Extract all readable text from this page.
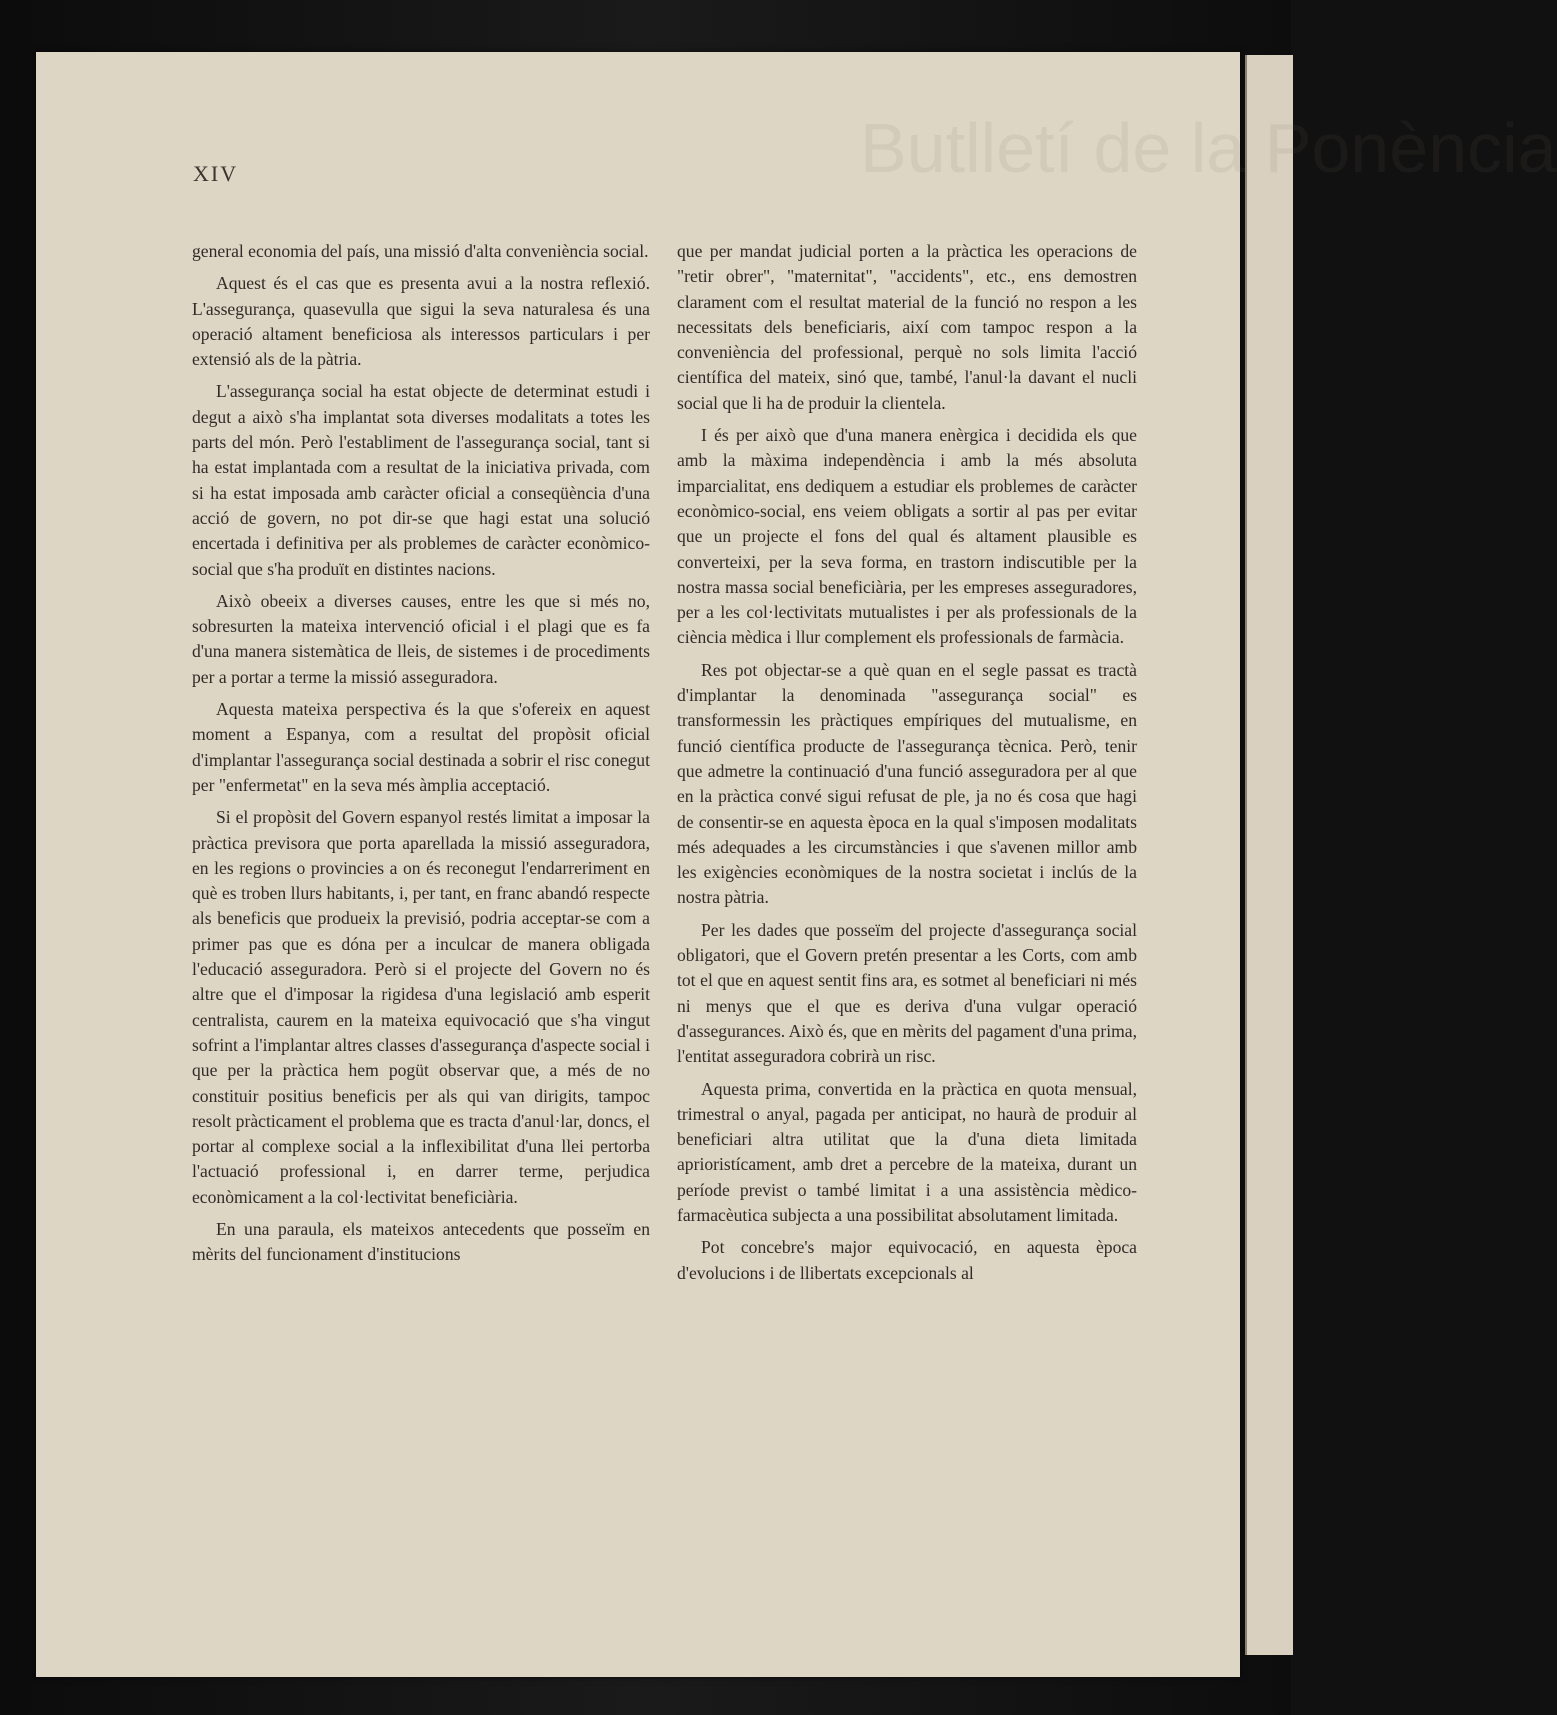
Butlletí de la Ponència
XIV

general economia del país, una missió d'alta conveniència social.

Aquest és el cas que es presenta avui a la nostra reflexió. L'assegurança, quasevulla que sigui la seva naturalesa és una operació altament beneficiosa als interessos particulars i per extensió als de la pàtria.

L'assegurança social ha estat objecte de determinat estudi i degut a això s'ha implantat sota diverses modalitats a totes les parts del món. Però l'establiment de l'assegurança social, tant si ha estat implantada com a resultat de la iniciativa privada, com si ha estat imposada amb caràcter oficial a conseqüència d'una acció de govern, no pot dir-se que hagi estat una solució encertada i definitiva per als problemes de caràcter econòmico-social que s'ha produït en distintes nacions.

Això obeeix a diverses causes, entre les que si més no, sobresurten la mateixa intervenció oficial i el plagi que es fa d'una manera sistemàtica de lleis, de sistemes i de procediments per a portar a terme la missió asseguradora.

Aquesta mateixa perspectiva és la que s'ofereix en aquest moment a Espanya, com a resultat del propòsit oficial d'implantar l'assegurança social destinada a sobrir el risc conegut per "enfermetat" en la seva més àmplia acceptació.

Si el propòsit del Govern espanyol restés limitat a imposar la pràctica previsora que porta aparellada la missió asseguradora, en les regions o provincies a on és reconegut l'endarreriment en què es troben llurs habitants, i, per tant, en franc abandó respecte als beneficis que produeix la previsió, podria acceptar-se com a primer pas que es dóna per a inculcar de manera obligada l'educació asseguradora. Però si el projecte del Govern no és altre que el d'imposar la rigidesa d'una legislació amb esperit centralista, caurem en la mateixa equivocació que s'ha vingut sofrint a l'implantar altres classes d'assegurança d'aspecte social i que per la pràctica hem pogüt observar que, a més de no constituir positius beneficis per als qui van dirigits, tampoc resolt pràcticament el problema que es tracta d'anul·lar, doncs, el portar al complexe social a la inflexibilitat d'una llei pertorba l'actuació professional i, en darrer terme, perjudica econòmicament a la col·lectivitat beneficiària.

En una paraula, els mateixos antecedents que posseïm en mèrits del funcionament d'institucions

que per mandat judicial porten a la pràctica les operacions de "retir obrer", "maternitat", "accidents", etc., ens demostren clarament com el resultat material de la funció no respon a les necessitats dels beneficiaris, així com tampoc respon a la conveniència del professional, perquè no sols limita l'acció científica del mateix, sinó que, també, l'anul·la davant el nucli social que li ha de produir la clientela.

I és per això que d'una manera enèrgica i decidida els que amb la màxima independència i amb la més absoluta imparcialitat, ens dediquem a estudiar els problemes de caràcter econòmico-social, ens veiem obligats a sortir al pas per evitar que un projecte el fons del qual és altament plausible es converteixi, per la seva forma, en trastorn indiscutible per la nostra massa social beneficiària, per les empreses asseguradores, per a les col·lectivitats mutualistes i per als professionals de la ciència mèdica i llur complement els professionals de farmàcia.

Res pot objectar-se a què quan en el segle passat es tractà d'implantar la denominada "assegurança social" es transformessin les pràctiques empíriques del mutualisme, en funció científica producte de l'assegurança tècnica. Però, tenir que admetre la continuació d'una funció asseguradora per al que en la pràctica convé sigui refusat de ple, ja no és cosa que hagi de consentir-se en aquesta època en la qual s'imposen modalitats més adequades a les circumstàncies i que s'avenen millor amb les exigències econòmiques de la nostra societat i inclús de la nostra pàtria.

Per les dades que posseïm del projecte d'assegurança social obligatori, que el Govern pretén presentar a les Corts, com amb tot el que en aquest sentit fins ara, es sotmet al beneficiari ni més ni menys que el que es deriva d'una vulgar operació d'assegurances. Això és, que en mèrits del pagament d'una prima, l'entitat asseguradora cobrirà un risc.

Aquesta prima, convertida en la pràctica en quota mensual, trimestral o anyal, pagada per anticipat, no haurà de produir al beneficiari altra utilitat que la d'una dieta limitada aprioristícament, amb dret a percebre de la mateixa, durant un període previst o també limitat i a una assistència mèdico-farmacèutica subjecta a una possibilitat absolutament limitada.

Pot concebre's major equivocació, en aquesta època d'evolucions i de llibertats excepcionals al
